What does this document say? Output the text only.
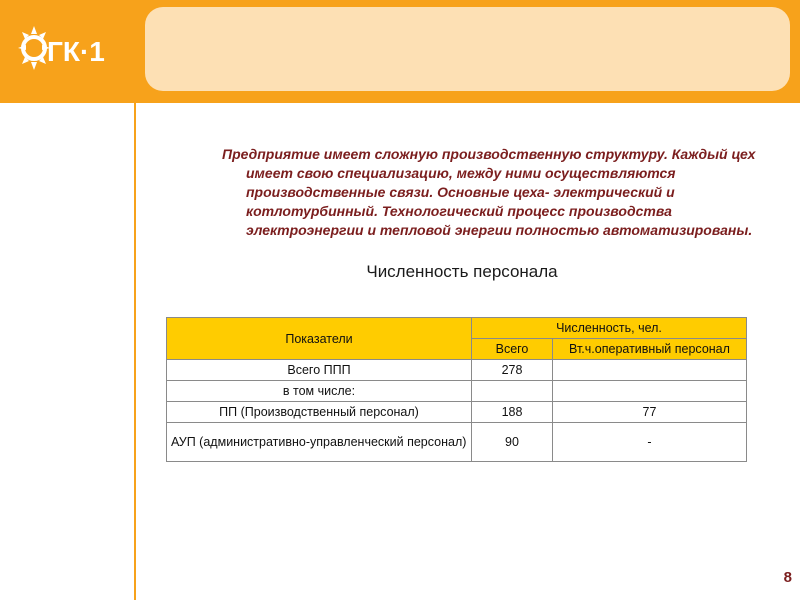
ГК·1

Предприятие имеет сложную производственную структуру. Каждый цех имеет свою специализацию, между ними осуществляются производственные связи. Основные цеха- электрический и котлотурбинный. Технологический процесс производства электроэнергии и тепловой энергии полностью автоматизированы.

Численность персонала
Показатели	Численность, чел.	
	Всего	Вт.ч.оперативный персонал
Всего ППП	278	
в том числе:		
ПП (Производственный персонал)	188	77
АУП (административно-управленческий персонал)	90	-
8
